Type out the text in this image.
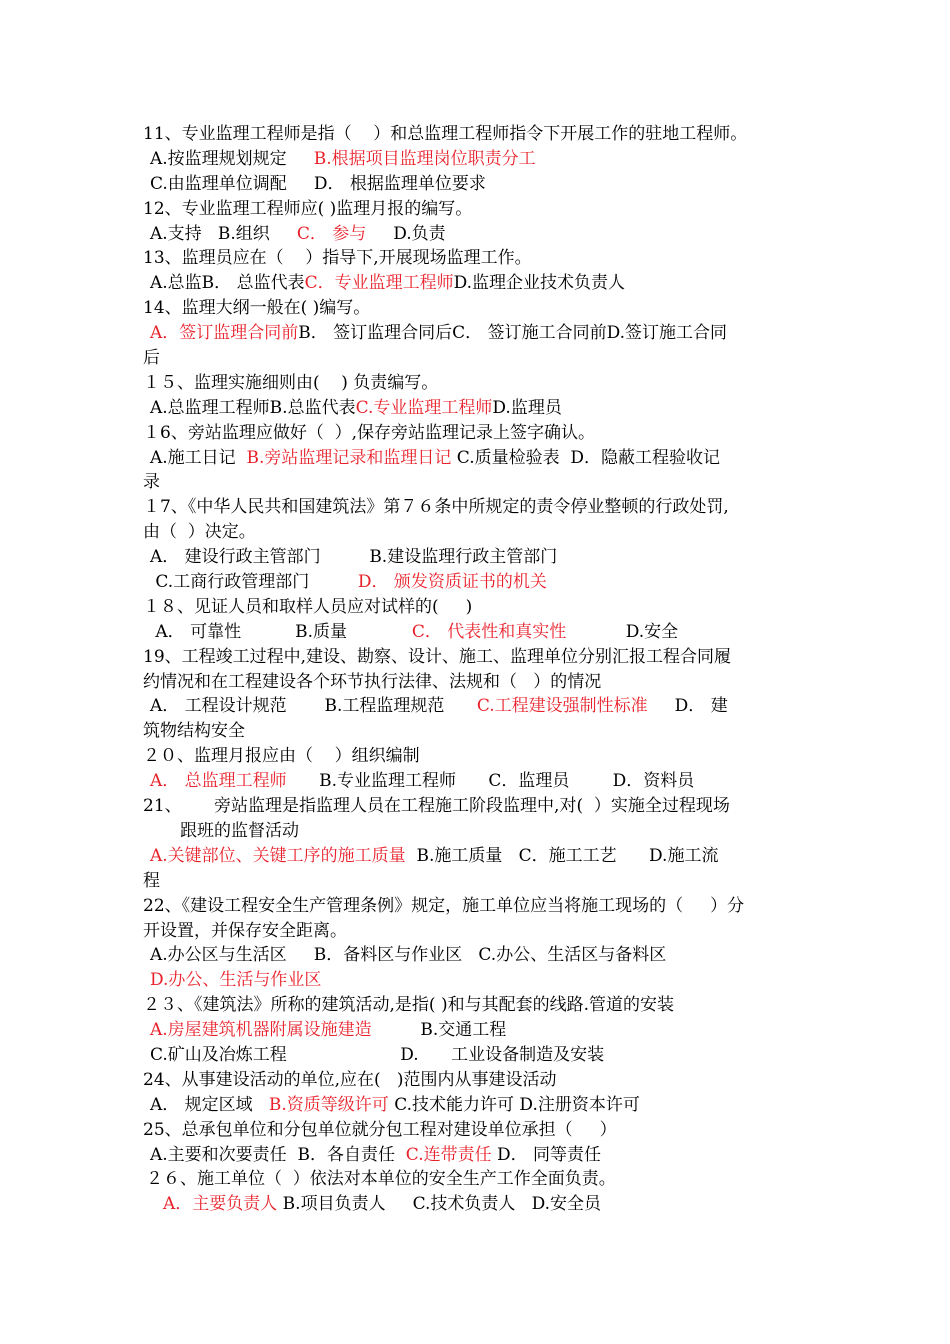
11、专业监理工程师是指（    ）和总监理工程师指令下开展工作的驻地工程师。
A.按监理规划规定     B.根据项目监理岗位职责分工
C.由监理单位调配     D． 根据监理单位要求
12、专业监理工程师应( )监理月报的编写。
A.支持   B.组织     C． 参与     D.负责
13、监理员应在（    ）指导下,开展现场监理工作。
A.总监B． 总监代表C．专业监理工程师D.监理企业技术负责人
14、监理大纲一般在( )编写。
A．签订监理合同前B． 签订监理合同后C． 签订施工合同前D.签订施工合同
后
１５、监理实施细则由(    ) 负责编写。
A.总监理工程师B.总监代表C.专业监理工程师D.监理员
１6、旁站监理应做好（  ）,保存旁站监理记录上签字确认。
A.施工日记  B.旁站监理记录和监理日记 C.质量检验表  D．隐蔽工程验收记
录
１7、《中华人民共和国建筑法》第７６条中所规定的责令停业整顿的行政处罚,
由（  ）决定。
A． 建设行政主管部门         B.建设监理行政主管部门
C.工商行政管理部门         D． 颁发资质证书的机关
１８、见证人员和取样人员应对试样的(     )
A． 可靠性          B.质量            C． 代表性和真实性           D.安全
19、工程竣工过程中,建设、勘察、设计、施工、监理单位分别汇报工程合同履
约情况和在工程建设各个环节执行法律、法规和（   ）的情况
A． 工程设计规范       B.工程监理规范      C.工程建设强制性标准     D． 建
筑物结构安全
２０、监理月报应由（    ）组织编制
A． 总监理工程师      B.专业监理工程师      C．监理员        D．资料员
21、      旁站监理是指监理人员在工程施工阶段监理中,对(  ）实施全过程现场
跟班的监督活动
A.关键部位、关键工序的施工质量  B.施工质量   C．施工工艺      D.施工流
程
22、《建设工程安全生产管理条例》规定，施工单位应当将施工现场的（     ）分
开设置，并保存安全距离。
A.办公区与生活区     B．备料区与作业区   C.办公、生活区与备料区
D.办公、生活与作业区
２３、《建筑法》所称的建筑活动,是指( )和与其配套的线路.管道的安装
A.房屋建筑机器附属设施建造         B.交通工程
C.矿山及冶炼工程                     D.      工业设备制造及安装
24、从事建设活动的单位,应在(   )范围内从事建设活动
A． 规定区域   B.资质等级许可 C.技术能力许可 D.注册资本许可
25、总承包单位和分包单位就分包工程对建设单位承担（     ）
A.主要和次要责任  B．各自责任  C.连带责任 D． 同等责任
２６、施工单位（  ）依法对本单位的安全生产工作全面负责。
A．主要负责人 B.项目负责人     C.技术负责人   D.安全员
